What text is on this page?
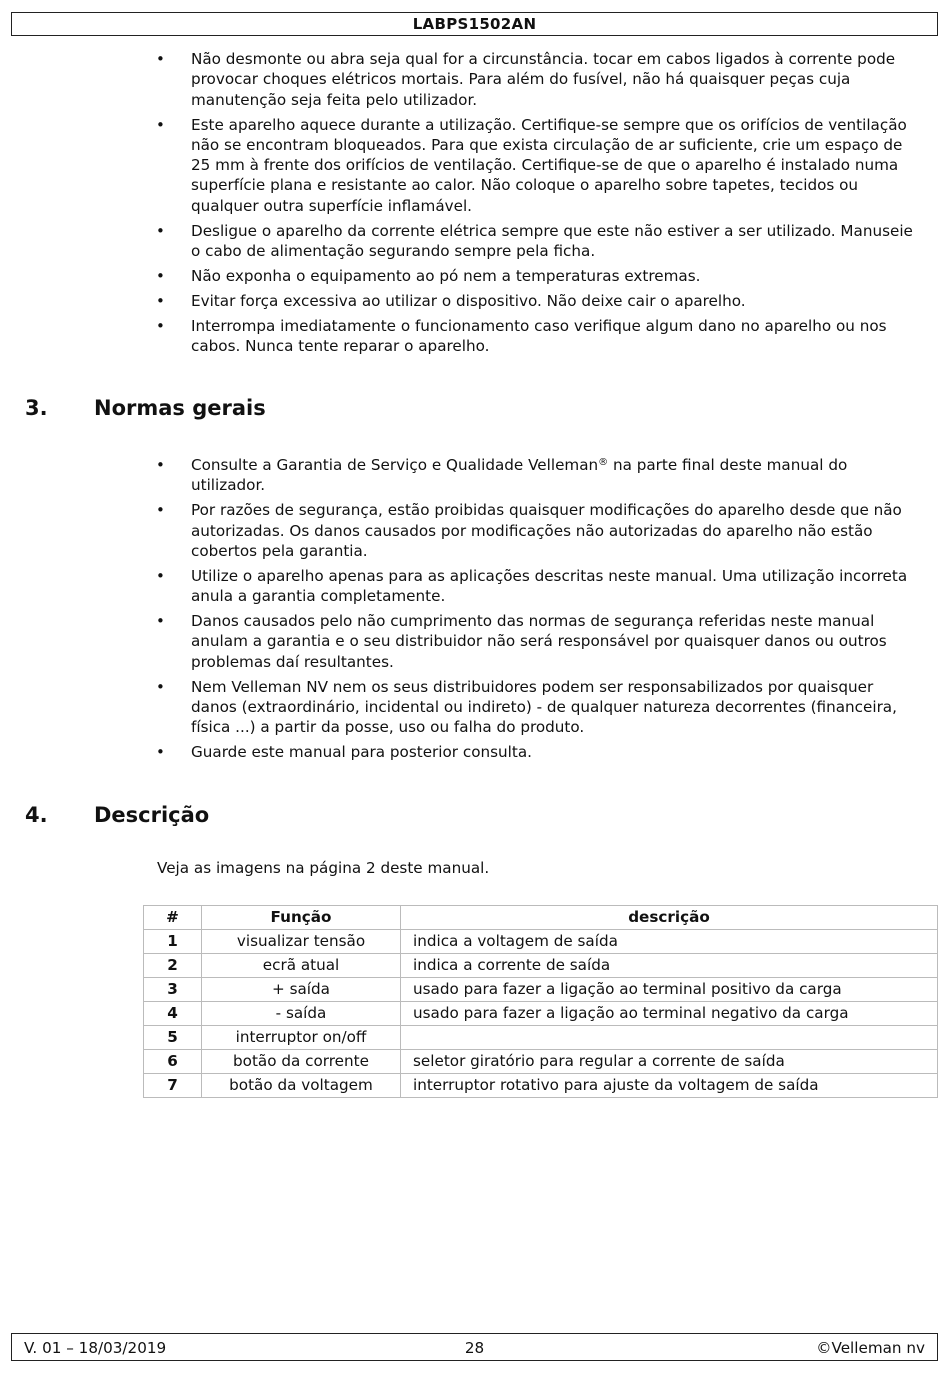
LABPS1502AN
• Não desmonte ou abra seja qual for a circunstância. tocar em cabos ligados à corrente pode provocar choques elétricos mortais. Para além do fusível, não há quaisquer peças cuja manutenção seja feita pelo utilizador.
• Este aparelho aquece durante a utilização. Certifique-se sempre que os orifícios de ventilação não se encontram bloqueados. Para que exista circulação de ar suficiente, crie um espaço de 25 mm à frente dos orifícios de ventilação. Certifique-se de que o aparelho é instalado numa superfície plana e resistante ao calor. Não coloque o aparelho sobre tapetes, tecidos ou qualquer outra superfície inflamável.
• Desligue o aparelho da corrente elétrica sempre que este não estiver a ser utilizado. Manuseie o cabo de alimentação segurando sempre pela ficha.
• Não exponha o equipamento ao pó nem a temperaturas extremas.
• Evitar força excessiva ao utilizar o dispositivo. Não deixe cair o aparelho.
• Interrompa imediatamente o funcionamento caso verifique algum dano no aparelho ou nos cabos. Nunca tente reparar o aparelho.
3. Normas gerais
• Consulte a Garantia de Serviço e Qualidade Velleman® na parte final deste manual do utilizador.
• Por razões de segurança, estão proibidas quaisquer modificações do aparelho desde que não autorizadas. Os danos causados por modificações não autorizadas do aparelho não estão cobertos pela garantia.
• Utilize o aparelho apenas para as aplicações descritas neste manual. Uma utilização incorreta anula a garantia completamente.
• Danos causados pelo não cumprimento das normas de segurança referidas neste manual anulam a garantia e o seu distribuidor não será responsável por quaisquer danos ou outros problemas daí resultantes.
• Nem Velleman NV nem os seus distribuidores podem ser responsabilizados por quaisquer danos (extraordinário, incidental ou indireto) - de qualquer natureza decorrentes (financeira, física ...) a partir da posse, uso ou falha do produto.
• Guarde este manual para posterior consulta.
4. Descrição
Veja as imagens na página 2 deste manual.
#	Função	descrição
1	visualizar tensão	indica a voltagem de saída
2	ecrã atual	indica a corrente de saída
3	+ saída	usado para fazer a ligação ao terminal positivo da carga
4	- saída	usado para fazer a ligação ao terminal negativo da carga
5	interruptor on/off	
6	botão da corrente	seletor giratório para regular a corrente de saída
7	botão da voltagem	interruptor rotativo para ajuste da voltagem de saída
V. 01 – 18/03/2019	28	©Velleman nv
